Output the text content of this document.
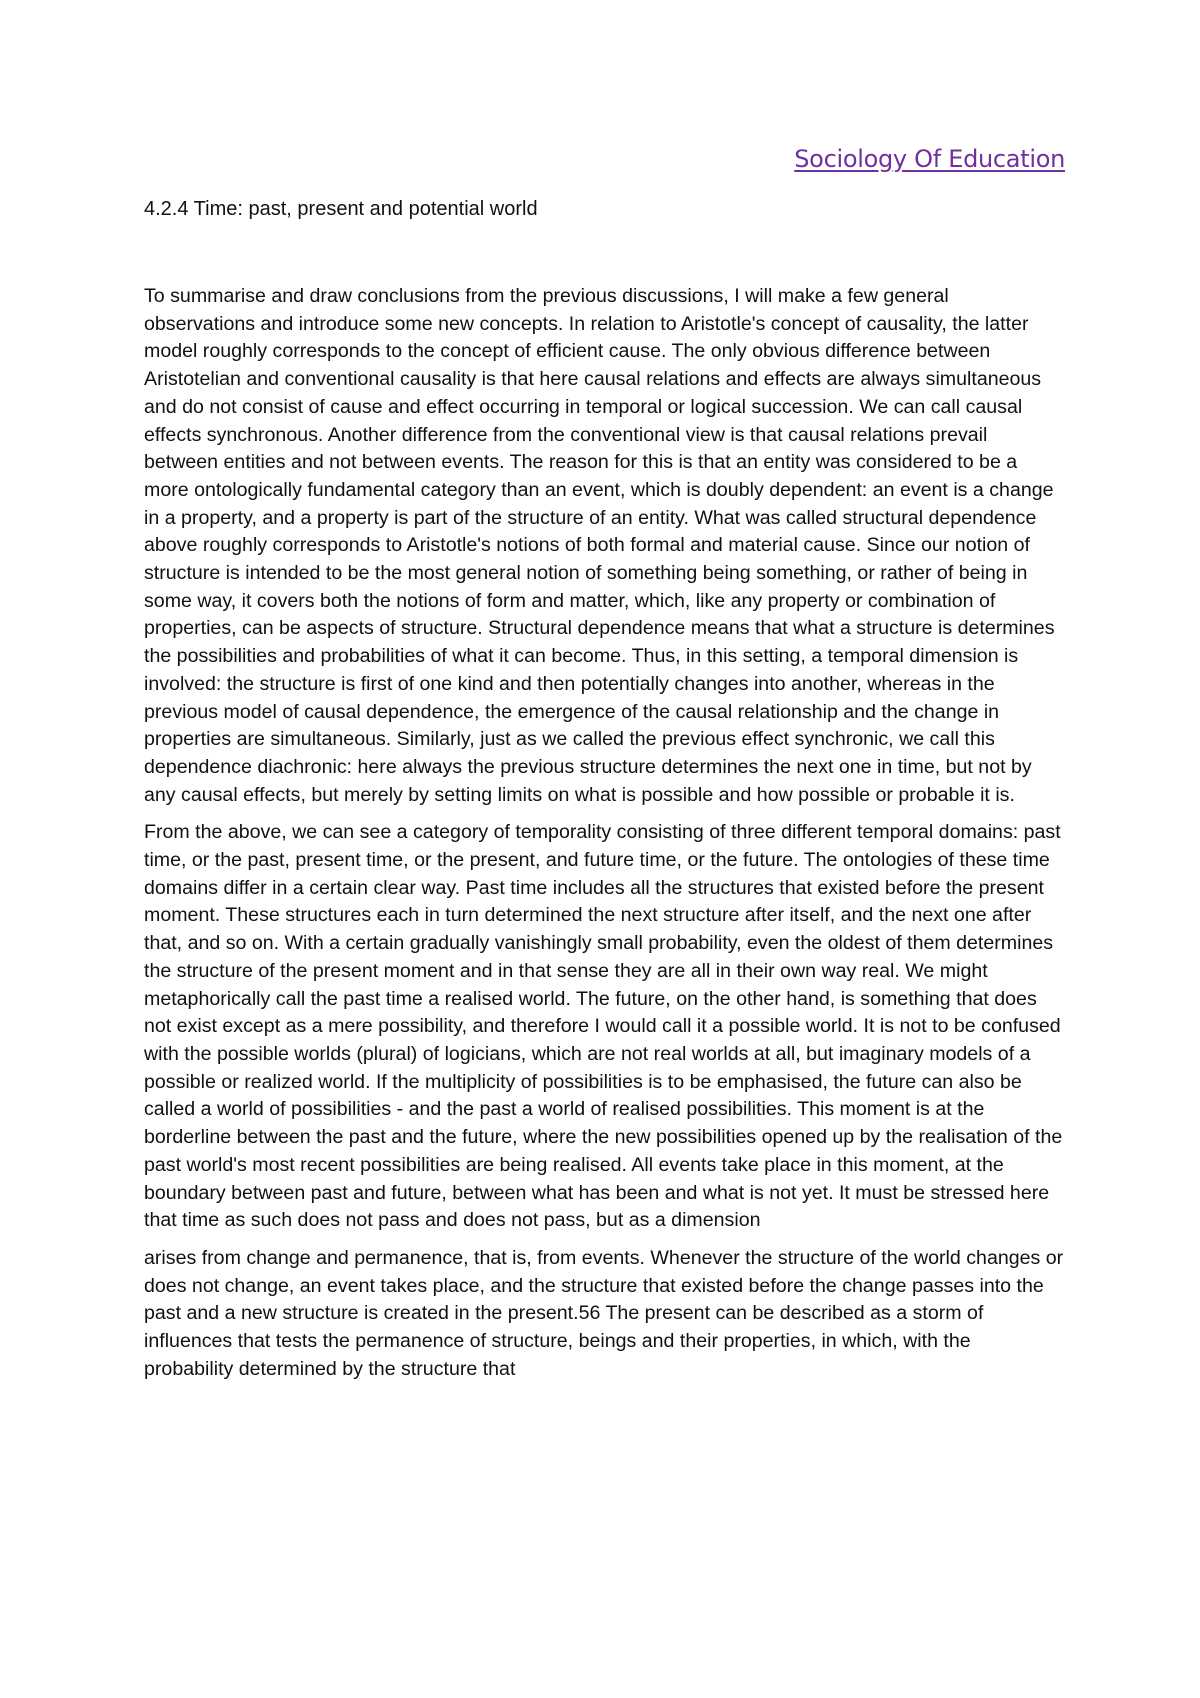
Sociology Of Education
4.2.4 Time: past, present and potential world

To summarise and draw conclusions from the previous discussions, I will make a few general observations and introduce some new concepts. In relation to Aristotle's concept of causality, the latter model roughly corresponds to the concept of efficient cause. The only obvious difference between Aristotelian and conventional causality is that here causal relations and effects are always simultaneous and do not consist of cause and effect occurring in temporal or logical succession. We can call causal effects synchronous. Another difference from the conventional view is that causal relations prevail between entities and not between events. The reason for this is that an entity was considered to be a more ontologically fundamental category than an event, which is doubly dependent: an event is a change in a property, and a property is part of the structure of an entity. What was called structural dependence above roughly corresponds to Aristotle's notions of both formal and material cause. Since our notion of structure is intended to be the most general notion of something being something, or rather of being in some way, it covers both the notions of form and matter, which, like any property or combination of properties, can be aspects of structure. Structural dependence means that what a structure is determines the possibilities and probabilities of what it can become. Thus, in this setting, a temporal dimension is involved: the structure is first of one kind and then potentially changes into another, whereas in the previous model of causal dependence, the emergence of the causal relationship and the change in properties are simultaneous. Similarly, just as we called the previous effect synchronic, we call this dependence diachronic: here always the previous structure determines the next one in time, but not by any causal effects, but merely by setting limits on what is possible and how possible or probable it is.

From the above, we can see a category of temporality consisting of three different temporal domains: past time, or the past, present time, or the present, and future time, or the future. The ontologies of these time domains differ in a certain clear way. Past time includes all the structures that existed before the present moment. These structures each in turn determined the next structure after itself, and the next one after that, and so on. With a certain gradually vanishingly small probability, even the oldest of them determines the structure of the present moment and in that sense they are all in their own way real. We might metaphorically call the past time a realised world. The future, on the other hand, is something that does not exist except as a mere possibility, and therefore I would call it a possible world. It is not to be confused with the possible worlds (plural) of logicians, which are not real worlds at all, but imaginary models of a possible or realized world. If the multiplicity of possibilities is to be emphasised, the future can also be called a world of possibilities - and the past a world of realised possibilities. This moment is at the borderline between the past and the future, where the new possibilities opened up by the realisation of the past world's most recent possibilities are being realised. All events take place in this moment, at the boundary between past and future, between what has been and what is not yet. It must be stressed here that time as such does not pass and does not pass, but as a dimension

arises from change and permanence, that is, from events. Whenever the structure of the world changes or does not change, an event takes place, and the structure that existed before the change passes into the past and a new structure is created in the present.56 The present can be described as a storm of influences that tests the permanence of structure, beings and their properties, in which, with the probability determined by the structure that
